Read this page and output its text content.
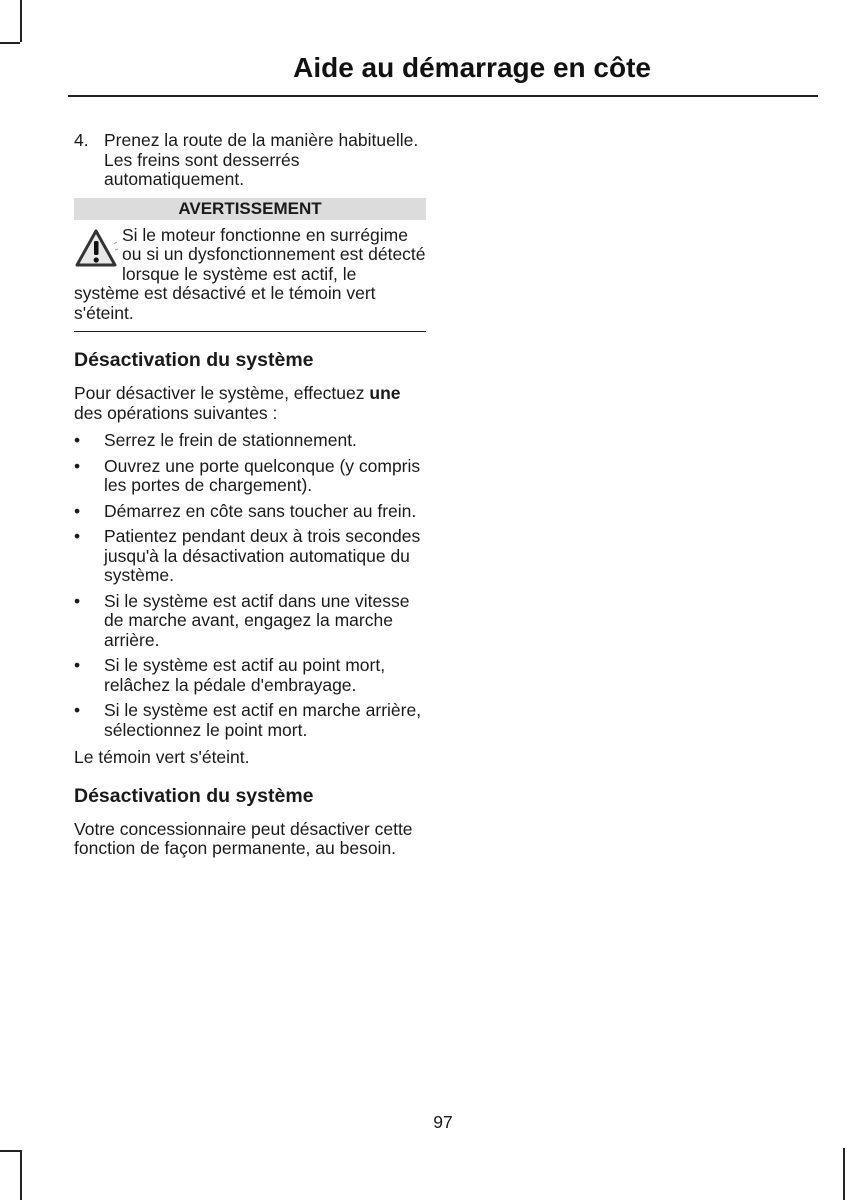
Aide au démarrage en côte
4. Prenez la route de la manière habituelle. Les freins sont desserrés automatiquement.
AVERTISSEMENT
Si le moteur fonctionne en surrégime ou si un dysfonctionnement est détecté lorsque le système est actif, le système est désactivé et le témoin vert s'éteint.
Désactivation du système

Pour désactiver le système, effectuez une des opérations suivantes :

•	Serrez le frein de stationnement.
•	Ouvrez une porte quelconque (y compris les portes de chargement).
•	Démarrez en côte sans toucher au frein.
•	Patientez pendant deux à trois secondes jusqu'à la désactivation automatique du système.
•	Si le système est actif dans une vitesse de marche avant, engagez la marche arrière.
•	Si le système est actif au point mort, relâchez la pédale d'embrayage.
•	Si le système est actif en marche arrière, sélectionnez le point mort.

Le témoin vert s'éteint.

Désactivation du système

Votre concessionnaire peut désactiver cette fonction de façon permanente, au besoin.

97
